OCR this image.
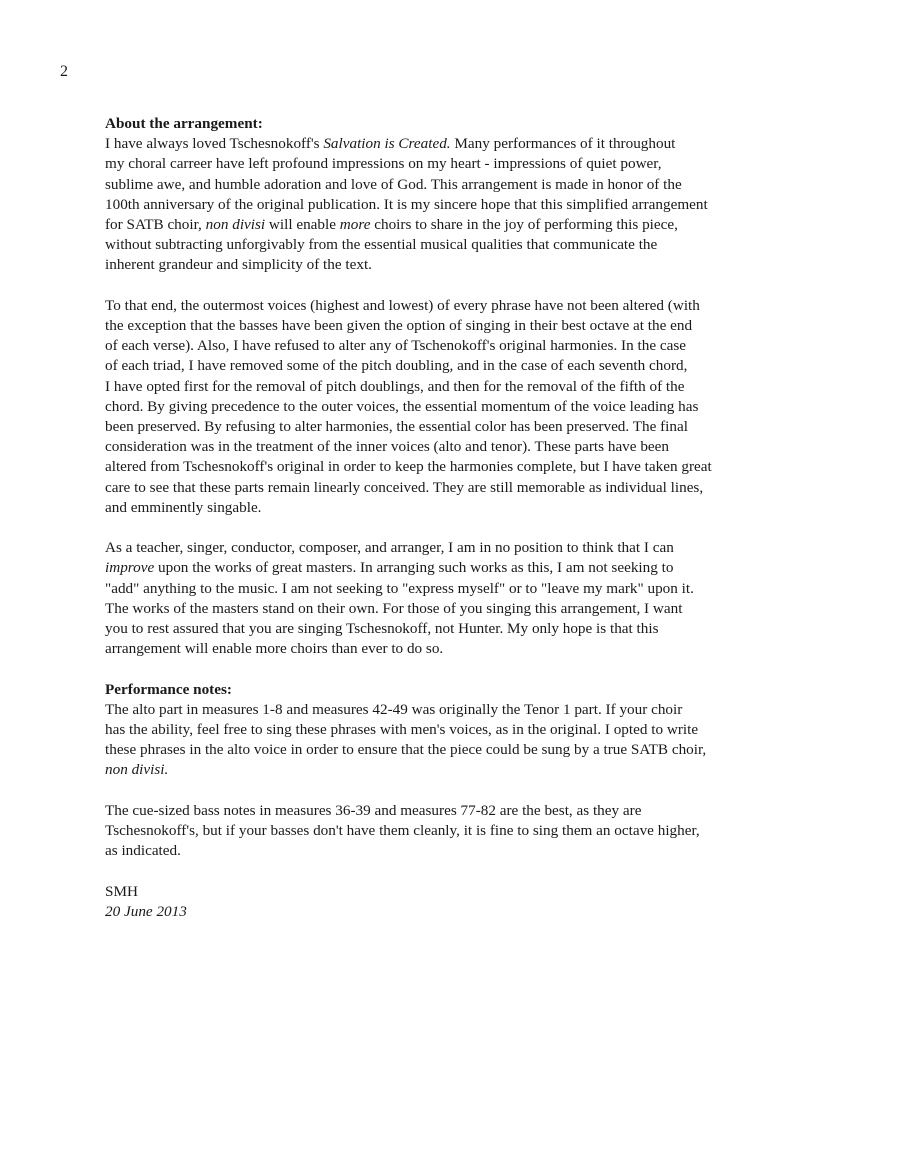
2
About the arrangement:
I have always loved Tschesnokoff's Salvation is Created. Many performances of it throughout
my choral carreer have left profound impressions on my heart - impressions of quiet power,
sublime awe, and humble adoration and love of God. This arrangement is made in honor of the
100th anniversary of the original publication. It is my sincere hope that this simplified arrangement
for SATB choir, non divisi will enable more choirs to share in the joy of performing this piece,
without subtracting unforgivably from the essential musical qualities that communicate the
inherent grandeur and simplicity of the text.
To that end, the outermost voices (highest and lowest) of every phrase have not been altered (with
the exception that the basses have been given the option of singing in their best octave at the end
of each verse). Also, I have refused to alter any of Tschenokoff's original harmonies. In the case
of each triad, I have removed some of the pitch doubling, and in the case of each seventh chord,
I have opted first for the removal of pitch doublings, and then for the removal of the fifth of the
chord. By giving precedence to the outer voices, the essential momentum of the voice leading has
been preserved. By refusing to alter harmonies, the essential color has been preserved. The final
consideration was in the treatment of the inner voices (alto and tenor). These parts have been
altered from Tschesnokoff's original in order to keep the harmonies complete, but I have taken great
care to see that these parts remain linearly conceived. They are still memorable as individual lines,
and emminently singable.
As a teacher, singer, conductor, composer, and arranger, I am in no position to think that I can
improve upon the works of great masters. In arranging such works as this, I am not seeking to
"add" anything to the music. I am not seeking to "express myself" or to "leave my mark" upon it.
The works of the masters stand on their own. For those of you singing this arrangement, I want
you to rest assured that you are singing Tschesnokoff, not Hunter. My only hope is that this
arrangement will enable more choirs than ever to do so.
Performance notes:
The alto part in measures 1-8 and measures 42-49 was originally the Tenor 1 part. If your choir
has the ability, feel free to sing these phrases with men's voices, as in the original. I opted to write
these phrases in the alto voice in order to ensure that the piece could be sung by a true SATB choir,
non divisi.
The cue-sized bass notes in measures 36-39 and measures 77-82 are the best, as they are
Tschesnokoff's, but if your basses don't have them cleanly, it is fine to sing them an octave higher,
as indicated.
SMH
20 June 2013
